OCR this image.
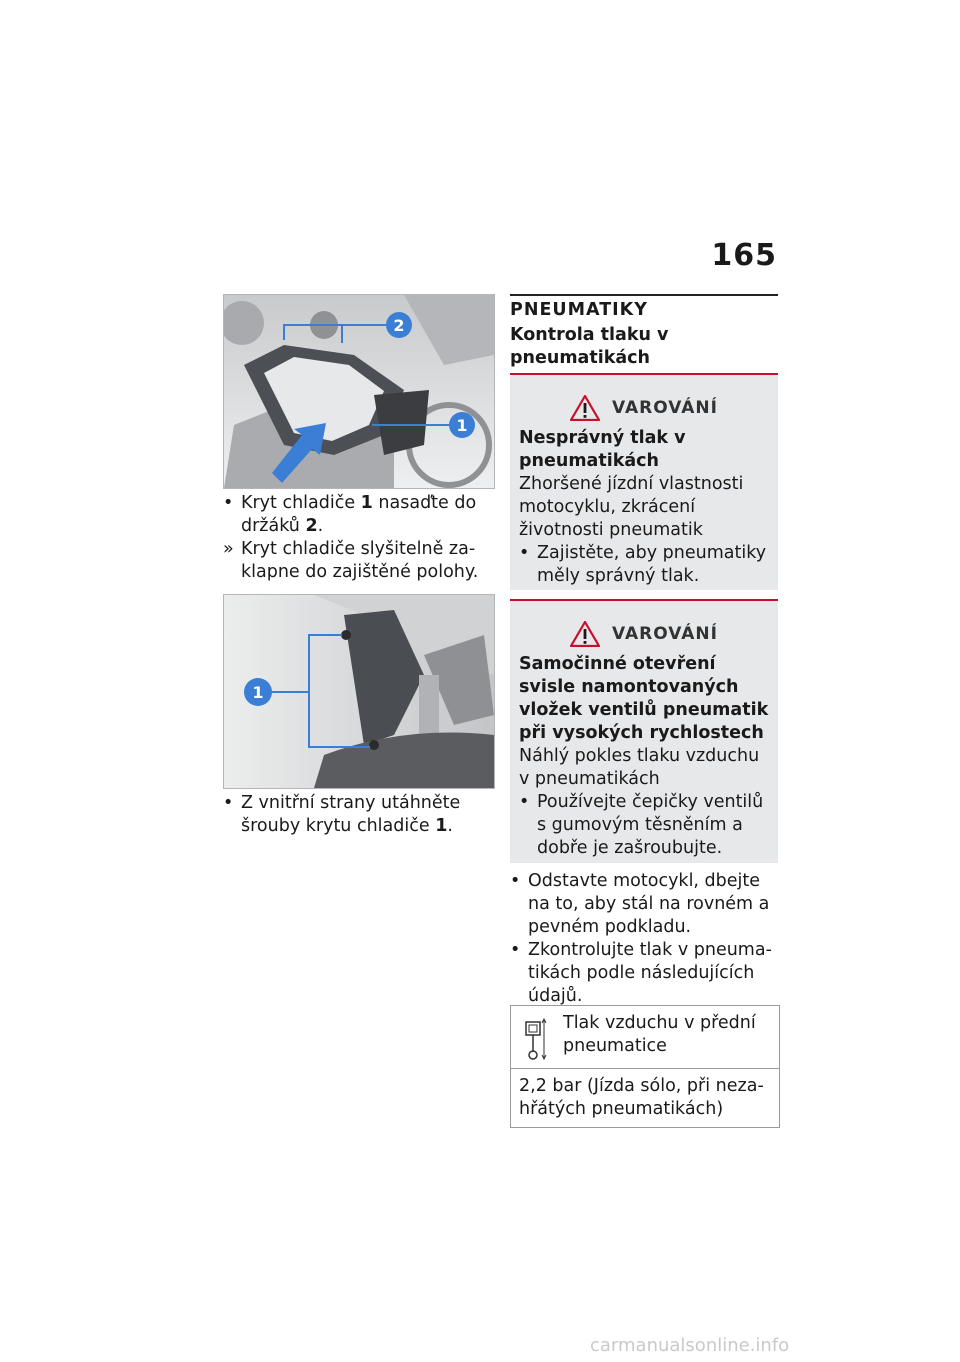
165
2
1
• Kryt chladiče 1 nasaďte do držáků 2.
» Kryt chladiče slyšitelně zaklapne do zajištěné polohy.
1
• Z vnitřní strany utáhněte šrouby krytu chladiče 1.
PNEUMATIKY
Kontrola tlaku v pneumatikách
VAROVÁNÍ
Nesprávný tlak v pneumatikách
Zhoršené jízdní vlastnosti motocyklu, zkrácení životnosti pneumatik
• Zajistěte, aby pneumatiky měly správný tlak.
VAROVÁNÍ
Samočinné otevření svisle namontovaných vložek ventilů pneumatik při vysokých rychlostech
Náhlý pokles tlaku vzduchu v pneumatikách
• Používejte čepičky ventilů s gumovým těsněním a dobře je zašroubujte.
• Odstavte motocykl, dbejte na to, aby stál na rovném a pevném podkladu.
• Zkontrolujte tlak v pneumatikách podle následujících údajů.
Tlak vzduchu v přední pneumatice
2,2 bar (Jízda sólo, při nezahřátých pneumatikách)
carmanualsonline.info
